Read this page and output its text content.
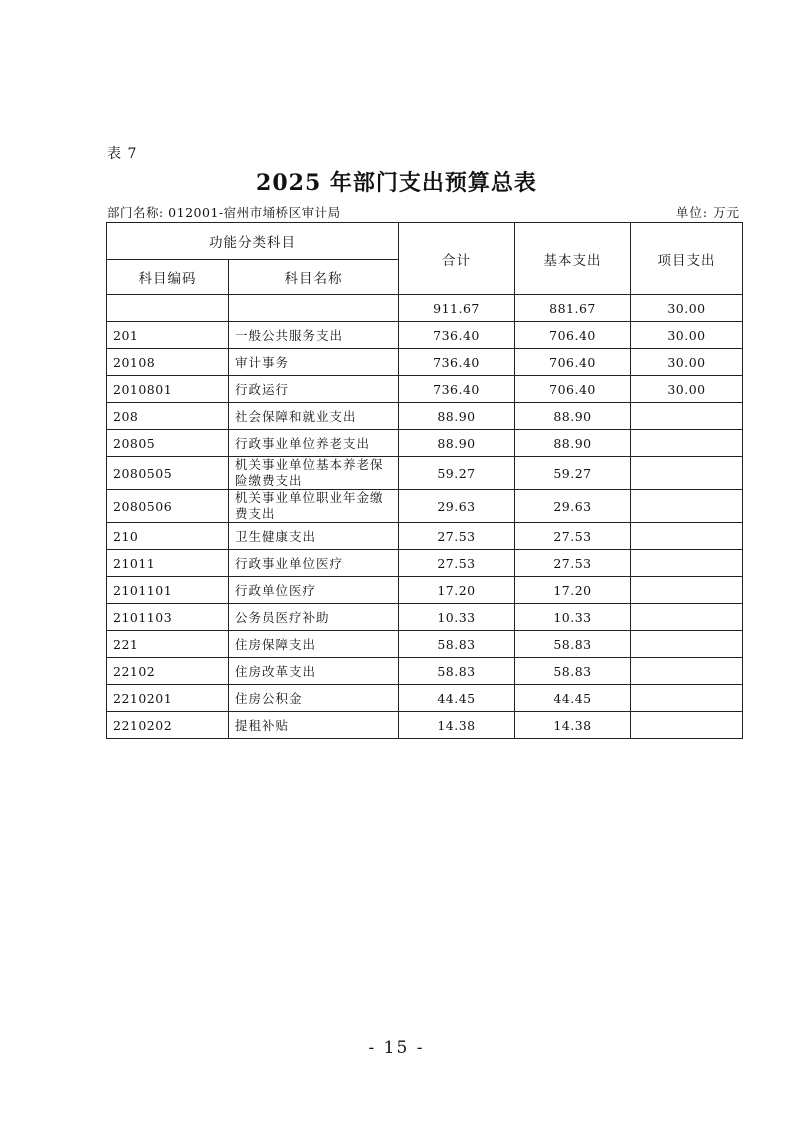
表 7
2025 年部门支出预算总表
部门名称: 012001-宿州市埇桥区审计局	单位: 万元
功能分类科目		合计	基本支出	项目支出
科目编码	科目名称			
		911.67	881.67	30.00
201	一般公共服务支出	736.40	706.40	30.00
20108	审计事务	736.40	706.40	30.00
2010801	行政运行	736.40	706.40	30.00
208	社会保障和就业支出	88.90	88.90	
20805	行政事业单位养老支出	88.90	88.90	
2080505	机关事业单位基本养老保险缴费支出	59.27	59.27	
2080506	机关事业单位职业年金缴费支出	29.63	29.63	
210	卫生健康支出	27.53	27.53	
21011	行政事业单位医疗	27.53	27.53	
2101101	行政单位医疗	17.20	17.20	
2101103	公务员医疗补助	10.33	10.33	
221	住房保障支出	58.83	58.83	
22102	住房改革支出	58.83	58.83	
2210201	住房公积金	44.45	44.45	
2210202	提租补贴	14.38	14.38	
- 15 -
